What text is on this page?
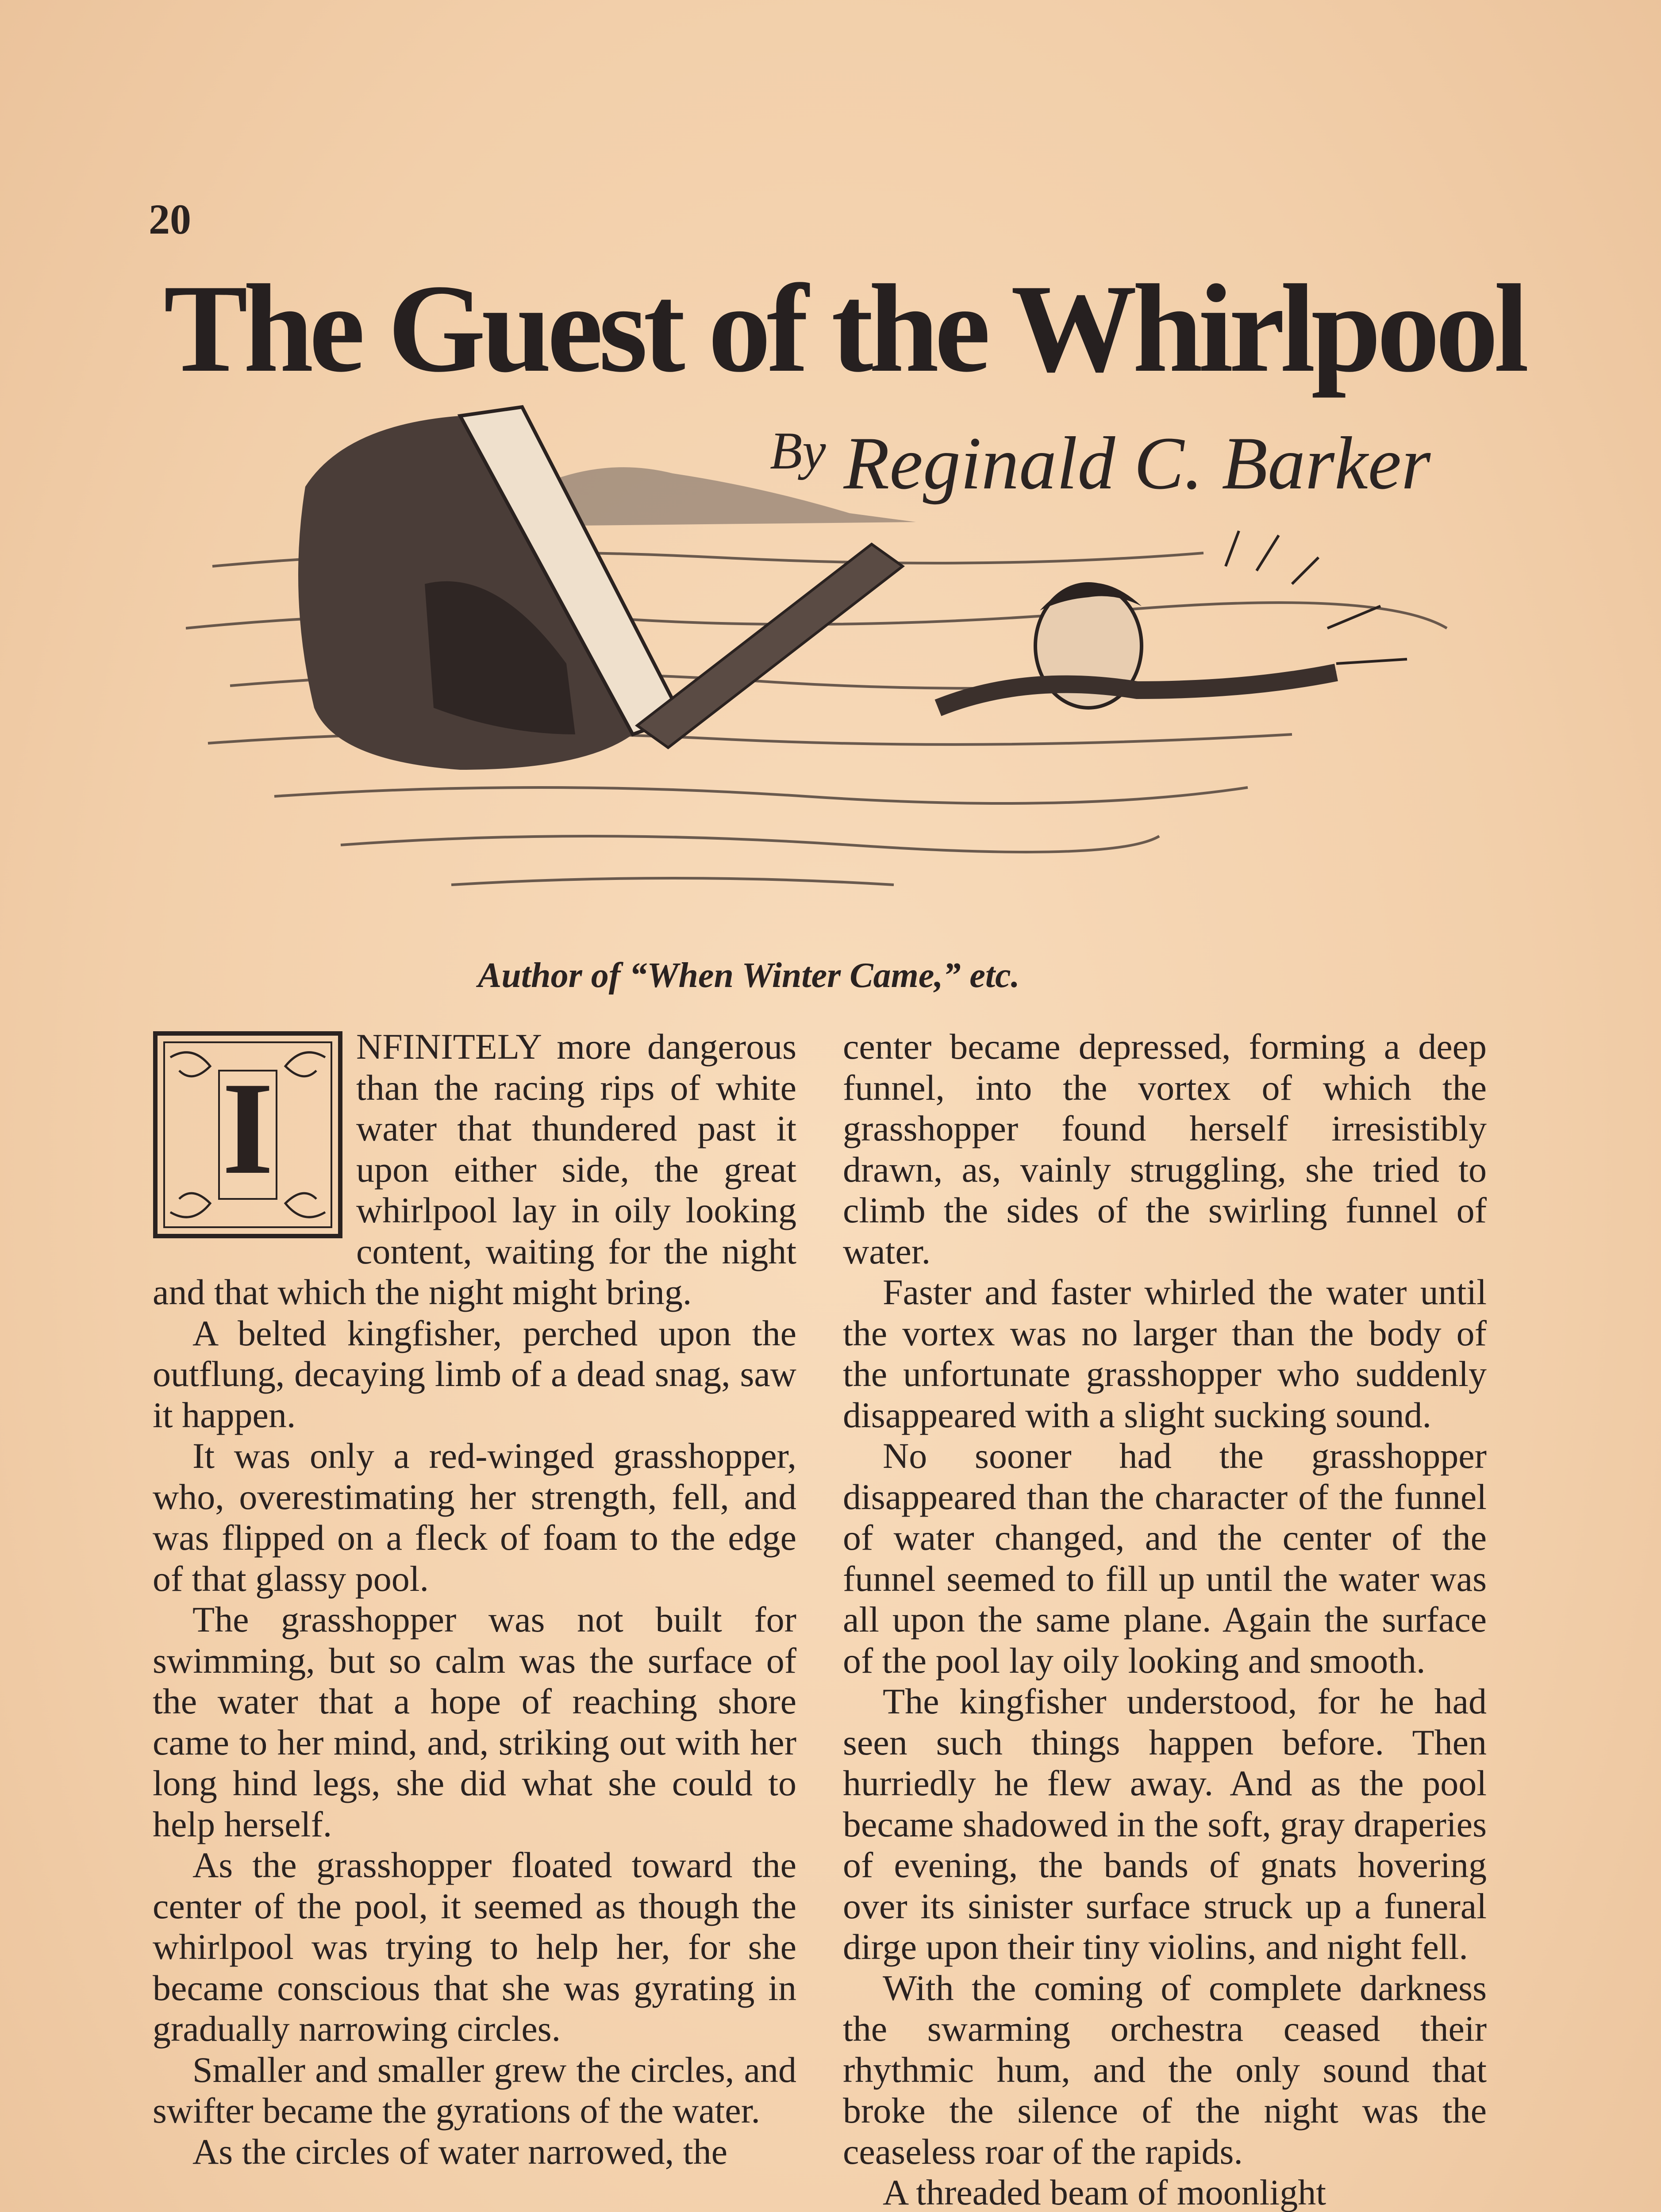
20
The Guest of the Whirlpool
$^{By}$ Reginald C. Barker
Author of “When Winter Came,” etc.
I

NFINITELY more dangerous than the racing rips of white water that thundered past it upon either side, the great whirlpool lay in oily looking content, waiting for the night and that which the night might bring.

A belted kingfisher, perched upon the outflung, decaying limb of a dead snag, saw it happen.

It was only a red-winged grasshopper, who, overestimating her strength, fell, and was flipped on a fleck of foam to the edge of that glassy pool.

The grasshopper was not built for swimming, but so calm was the surface of the water that a hope of reaching shore came to her mind, and, striking out with her long hind legs, she did what she could to help herself.

As the grasshopper floated toward the center of the pool, it seemed as though the whirlpool was trying to help her, for she became conscious that she was gyrating in gradually narrowing circles.

Smaller and smaller grew the circles, and swifter became the gyrations of the water.

As the circles of water narrowed, the

center became depressed, forming a deep funnel, into the vortex of which the grasshopper found herself irresistibly drawn, as, vainly struggling, she tried to climb the sides of the swirling funnel of water.

Faster and faster whirled the water until the vortex was no larger than the body of the unfortunate grasshopper who suddenly disappeared with a slight sucking sound.

No sooner had the grasshopper disappeared than the character of the funnel of water changed, and the center of the funnel seemed to fill up until the water was all upon the same plane. Again the surface of the pool lay oily looking and smooth.

The kingfisher understood, for he had seen such things happen before. Then hurriedly he flew away. And as the pool became shadowed in the soft, gray draperies of evening, the bands of gnats hovering over its sinister surface struck up a funeral dirge upon their tiny violins, and night fell.

With the coming of complete darkness the swarming orchestra ceased their rhythmic hum, and the only sound that broke the silence of the night was the ceaseless roar of the rapids.

A threaded beam of moonlight
